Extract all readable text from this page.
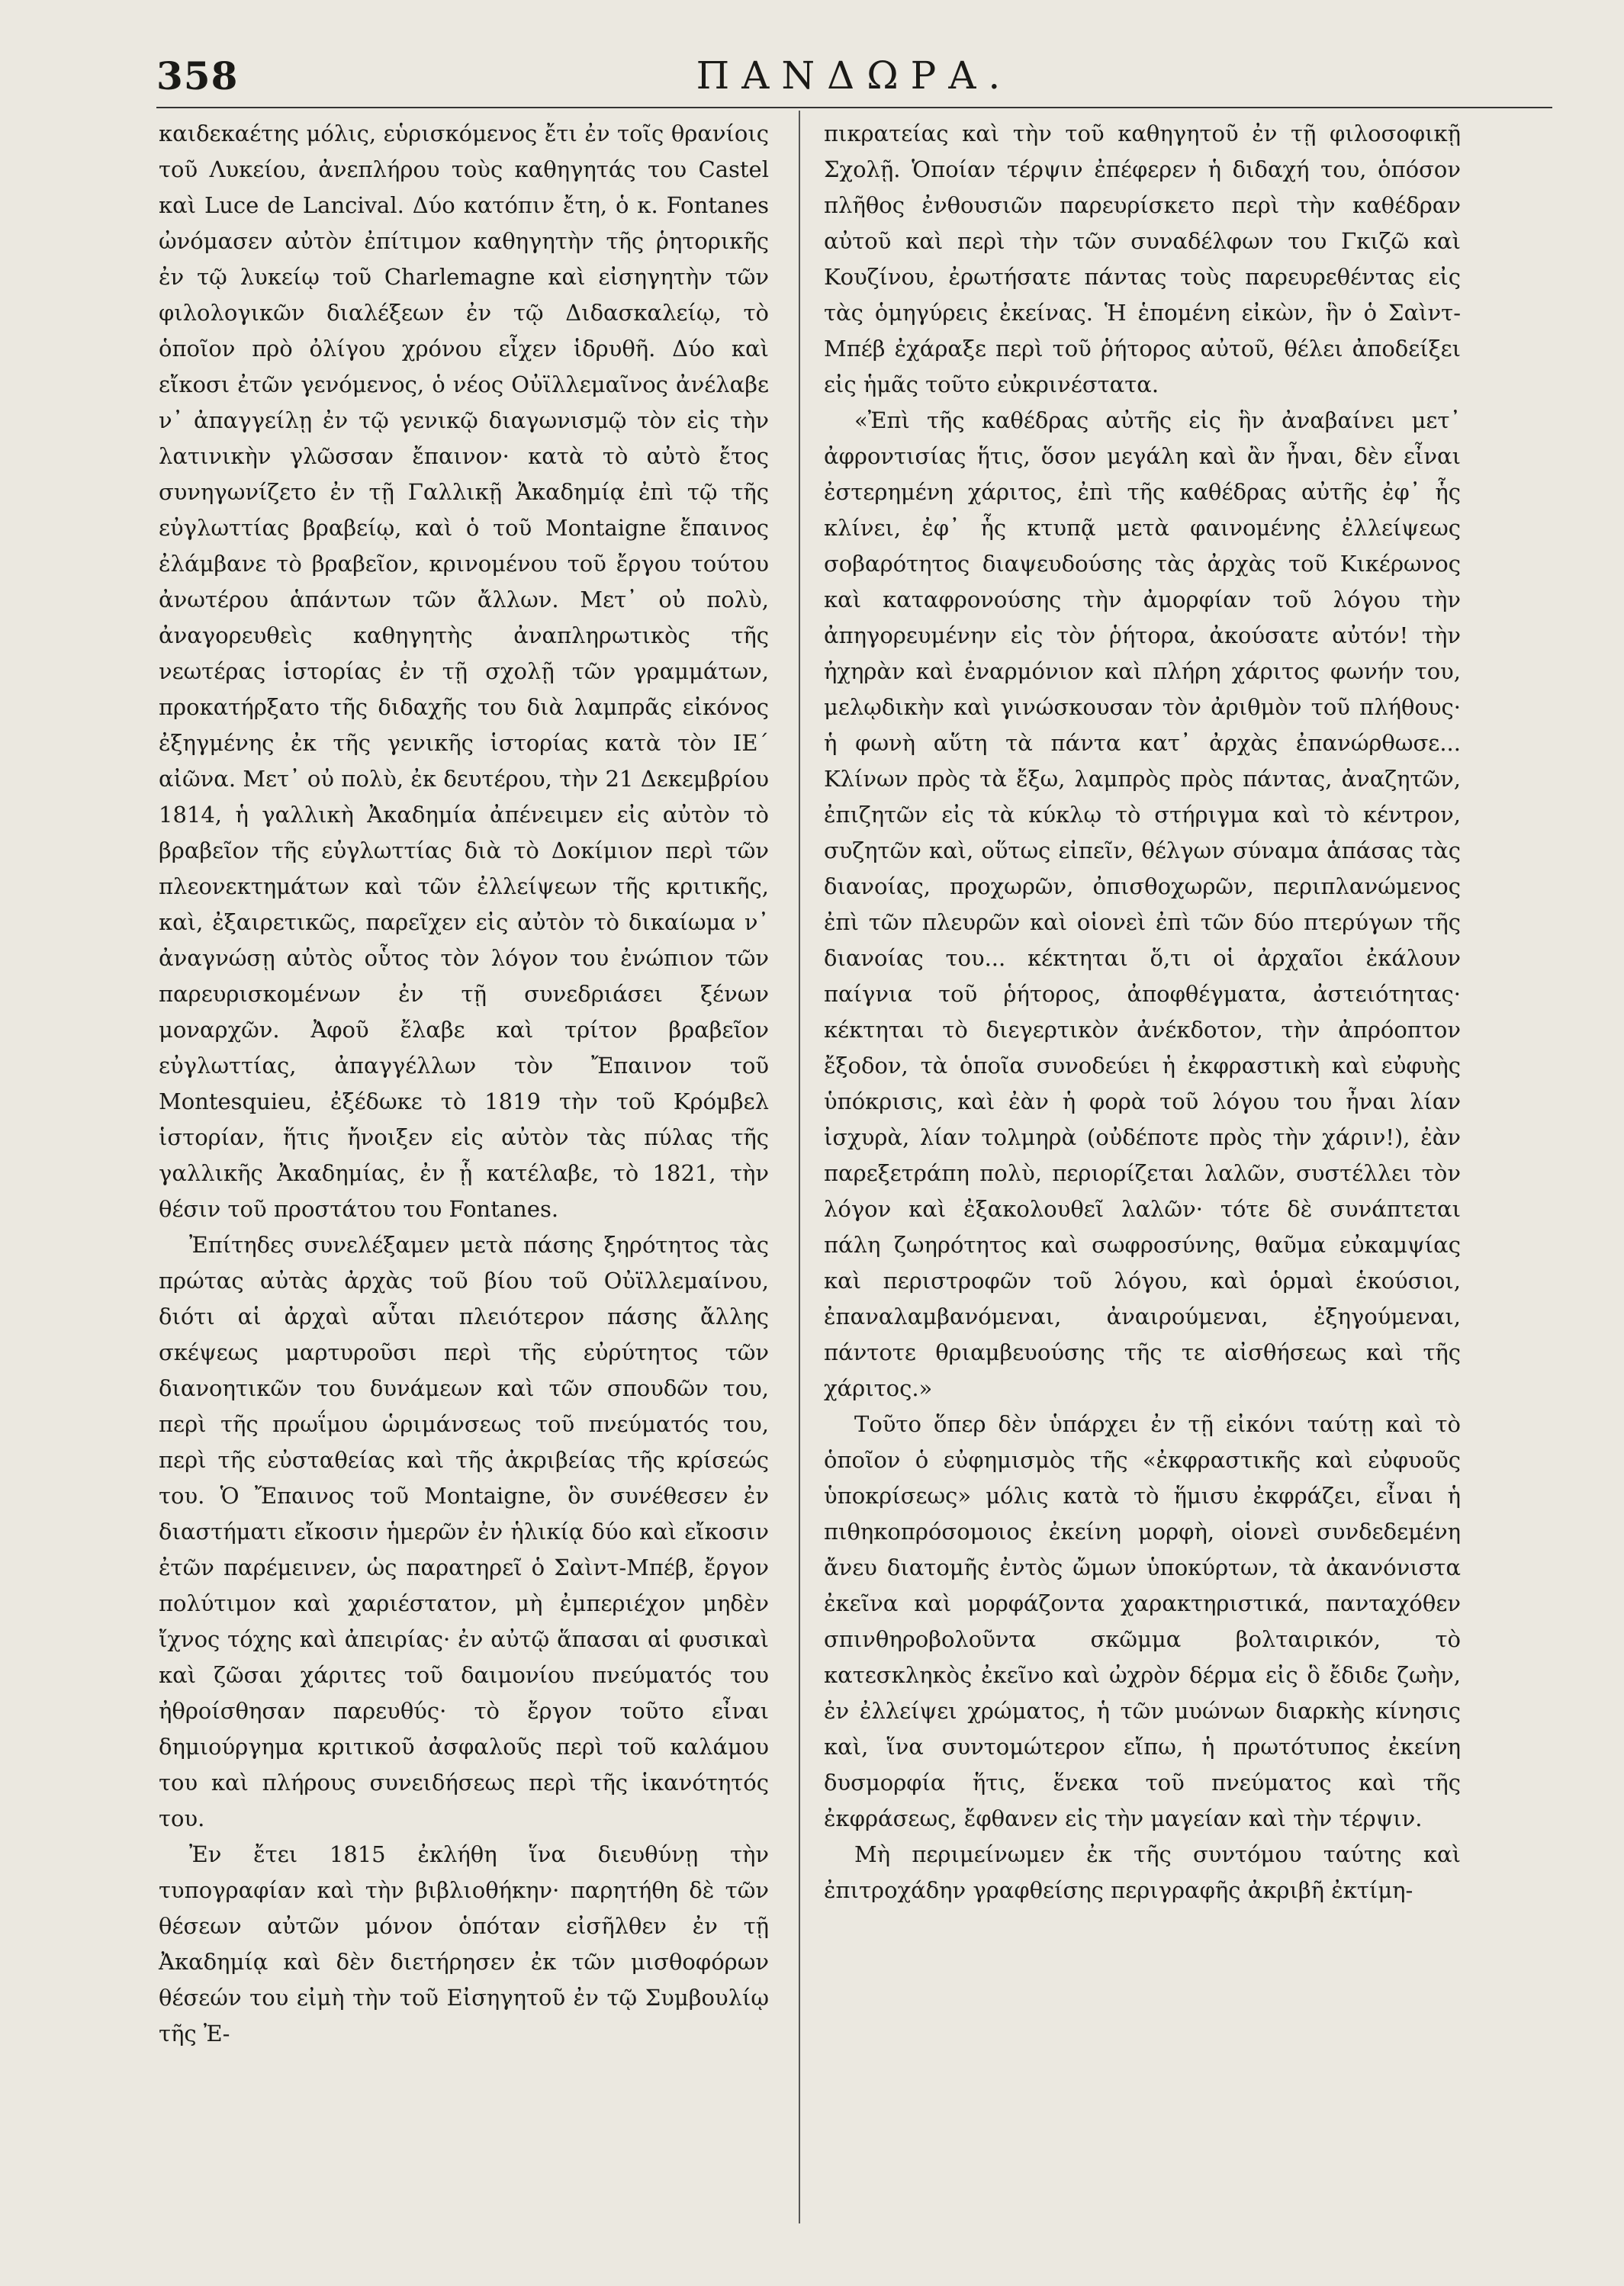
358	ΠΑΝΔΩΡΑ.

καιδεκαέτης μόλις, εὑρισκόμενος ἔτι ἐν τοῖς θρανίοις τοῦ Λυκείου, ἀνεπλήρου τοὺς καθηγητάς του Castel καὶ Luce de Lancival. Δύο κατόπιν ἔτη, ὁ κ. Fontanes ὠνόμασεν αὐτὸν ἐπίτιμον καθηγητὴν τῆς ῥητορικῆς ἐν τῷ λυκείῳ τοῦ Charlemagne καὶ εἰσηγητὴν τῶν φιλολογικῶν διαλέξεων ἐν τῷ Διδασκαλείῳ, τὸ ὁποῖον πρὸ ὀλίγου χρόνου εἶχεν ἱδρυθῆ. Δύο καὶ εἴκοσι ἐτῶν γενόμενος, ὁ νέος Οὐϊλλεμαῖνος ἀνέλαβε ν᾽ ἀπαγγείλῃ ἐν τῷ γενικῷ διαγωνισμῷ τὸν εἰς τὴν λατινικὴν γλῶσσαν ἔπαινον· κατὰ τὸ αὐτὸ ἔτος συνηγωνίζετο ἐν τῇ Γαλλικῇ Ἀκαδημίᾳ ἐπὶ τῷ τῆς εὐγλωττίας βραβείῳ, καὶ ὁ τοῦ Montaigne ἔπαινος ἐλάμβανε τὸ βραβεῖον, κρινομένου τοῦ ἔργου τούτου ἀνωτέρου ἁπάντων τῶν ἄλλων. Μετ᾽ οὐ πολὺ, ἀναγορευθεὶς καθηγητὴς ἀναπληρωτικὸς τῆς νεωτέρας ἱστορίας ἐν τῇ σχολῇ τῶν γραμμάτων, προκατήρξατο τῆς διδαχῆς του διὰ λαμπρᾶς εἰκόνος ἐξηγμένης ἐκ τῆς γενικῆς ἱστορίας κατὰ τὸν ΙΕ΄ αἰῶνα. Μετ᾽ οὐ πολὺ, ἐκ δευτέρου, τὴν 21 Δεκεμβρίου 1814, ἡ γαλλικὴ Ἀκαδημία ἀπένειμεν εἰς αὐτὸν τὸ βραβεῖον τῆς εὐγλωττίας διὰ τὸ Δοκίμιον περὶ τῶν πλεονεκτημάτων καὶ τῶν ἐλλείψεων τῆς κριτικῆς, καὶ, ἐξαιρετικῶς, παρεῖχεν εἰς αὐτὸν τὸ δικαίωμα ν᾽ ἀναγνώσῃ αὐτὸς οὗτος τὸν λόγον του ἐνώπιον τῶν παρευρισκομένων ἐν τῇ συνεδριάσει ξένων μοναρχῶν. Ἀφοῦ ἔλαβε καὶ τρίτον βραβεῖον εὐγλωττίας, ἀπαγγέλλων τὸν Ἔπαινον τοῦ Montesquieu, ἐξέδωκε τὸ 1819 τὴν τοῦ Κρόμβελ ἱστορίαν, ἥτις ἤνοιξεν εἰς αὐτὸν τὰς πύλας τῆς γαλλικῆς Ἀκαδημίας, ἐν ᾗ κατέλαβε, τὸ 1821, τὴν θέσιν τοῦ προστάτου του Fontanes.

Ἐπίτηδες συνελέξαμεν μετὰ πάσης ξηρότητος τὰς πρώτας αὐτὰς ἀρχὰς τοῦ βίου τοῦ Οὐϊλλεμαίνου, διότι αἱ ἀρχαὶ αὗται πλειότερον πάσης ἄλλης σκέψεως μαρτυροῦσι περὶ τῆς εὐρύτητος τῶν διανοητικῶν του δυνάμεων καὶ τῶν σπουδῶν του, περὶ τῆς πρωΐμου ὡριμάνσεως τοῦ πνεύματός του, περὶ τῆς εὐσταθείας καὶ τῆς ἀκριβείας τῆς κρίσεώς του. Ὁ Ἔπαινος τοῦ Montaigne, ὃν συνέθεσεν ἐν διαστήματι εἴκοσιν ἡμερῶν ἐν ἡλικίᾳ δύο καὶ εἴκοσιν ἐτῶν παρέμεινεν, ὡς παρατηρεῖ ὁ Σαὶντ-Μπέβ, ἔργον πολύτιμον καὶ χαριέστατον, μὴ ἐμπεριέχον μηδὲν ἴχνος τόχης καὶ ἀπειρίας· ἐν αὐτῷ ἅπασαι αἱ φυσικαὶ καὶ ζῶσαι χάριτες τοῦ δαιμονίου πνεύματός του ἠθροίσθησαν παρευθύς· τὸ ἔργον τοῦτο εἶναι δημιούργημα κριτικοῦ ἀσφαλοῦς περὶ τοῦ καλάμου του καὶ πλήρους συνειδήσεως περὶ τῆς ἱκανότητός του.

Ἐν ἔτει 1815 ἐκλήθη ἵνα διευθύνῃ τὴν τυπογραφίαν καὶ τὴν βιβλιοθήκην· παρητήθη δὲ τῶν θέσεων αὐτῶν μόνον ὁπόταν εἰσῆλθεν ἐν τῇ Ἀκαδημίᾳ καὶ δὲν διετήρησεν ἐκ τῶν μισθοφόρων θέσεών του εἰμὴ τὴν τοῦ Εἰσηγητοῦ ἐν τῷ Συμβουλίῳ τῆς Ἐ-

πικρατείας καὶ τὴν τοῦ καθηγητοῦ ἐν τῇ φιλοσοφικῇ Σχολῇ. Ὁποίαν τέρψιν ἐπέφερεν ἡ διδαχή του, ὁπόσον πλῆθος ἐνθουσιῶν παρευρίσκετο περὶ τὴν καθέδραν αὐτοῦ καὶ περὶ τὴν τῶν συναδέλφων του Γκιζῶ καὶ Κουζίνου, ἐρωτήσατε πάντας τοὺς παρευρεθέντας εἰς τὰς ὁμηγύρεις ἐκείνας. Ἡ ἑπομένη εἰκὼν, ἣν ὁ Σαὶντ-Μπέβ ἐχάραξε περὶ τοῦ ῥήτορος αὐτοῦ, θέλει ἀποδείξει εἰς ἡμᾶς τοῦτο εὐκρινέστατα.

«Ἐπὶ τῆς καθέδρας αὐτῆς εἰς ἣν ἀναβαίνει μετ᾽ ἀφροντισίας ἥτις, ὅσον μεγάλη καὶ ἂν ἦναι, δὲν εἶναι ἐστερημένη χάριτος, ἐπὶ τῆς καθέδρας αὐτῆς ἐφ᾽ ἧς κλίνει, ἐφ᾽ ἧς κτυπᾷ μετὰ φαινομένης ἐλλείψεως σοβαρότητος διαψευδούσης τὰς ἀρχὰς τοῦ Κικέρωνος καὶ καταφρονούσης τὴν ἀμορφίαν τοῦ λόγου τὴν ἀπηγορευμένην εἰς τὸν ῥήτορα, ἀκούσατε αὐτόν! τὴν ἠχηρὰν καὶ ἐναρμόνιον καὶ πλήρη χάριτος φωνήν του, μελῳδικὴν καὶ γινώσκουσαν τὸν ἀριθμὸν τοῦ πλήθους· ἡ φωνὴ αὕτη τὰ πάντα κατ᾽ ἀρχὰς ἐπανώρθωσε... Κλίνων πρὸς τὰ ἔξω, λαμπρὸς πρὸς πάντας, ἀναζητῶν, ἐπιζητῶν εἰς τὰ κύκλῳ τὸ στήριγμα καὶ τὸ κέντρον, συζητῶν καὶ, οὕτως εἰπεῖν, θέλγων σύναμα ἁπάσας τὰς διανοίας, προχωρῶν, ὀπισθοχωρῶν, περιπλανώμενος ἐπὶ τῶν πλευρῶν καὶ οἱονεὶ ἐπὶ τῶν δύο πτερύγων τῆς διανοίας του... κέκτηται ὅ,τι οἱ ἀρχαῖοι ἐκάλουν παίγνια τοῦ ῥήτορος, ἀποφθέγματα, ἀστειότητας· κέκτηται τὸ διεγερτικὸν ἀνέκδοτον, τὴν ἀπρόοπτον ἔξοδον, τὰ ὁποῖα συνοδεύει ἡ ἐκφραστικὴ καὶ εὐφυὴς ὑπόκρισις, καὶ ἐὰν ἡ φορὰ τοῦ λόγου του ἦναι λίαν ἰσχυρὰ, λίαν τολμηρὰ (οὐδέποτε πρὸς τὴν χάριν!), ἐὰν παρεξετράπη πολὺ, περιορίζεται λαλῶν, συστέλλει τὸν λόγον καὶ ἐξακολουθεῖ λαλῶν· τότε δὲ συνάπτεται πάλη ζωηρότητος καὶ σωφροσύνης, θαῦμα εὐκαμψίας καὶ περιστροφῶν τοῦ λόγου, καὶ ὁρμαὶ ἑκούσιοι, ἐπαναλαμβανόμεναι, ἀναιρούμεναι, ἐξηγούμεναι, πάντοτε θριαμβευούσης τῆς τε αἰσθήσεως καὶ τῆς χάριτος.»

Τοῦτο ὅπερ δὲν ὑπάρχει ἐν τῇ εἰκόνι ταύτῃ καὶ τὸ ὁποῖον ὁ εὐφημισμὸς τῆς «ἐκφραστικῆς καὶ εὐφυοῦς ὑποκρίσεως» μόλις κατὰ τὸ ἥμισυ ἐκφράζει, εἶναι ἡ πιθηκοπρόσομοιος ἐκείνη μορφὴ, οἱονεὶ συνδεδεμένη ἄνευ διατομῆς ἐντὸς ὤμων ὑποκύρτων, τὰ ἀκανόνιστα ἐκεῖνα καὶ μορφάζοντα χαρακτηριστικά, πανταχόθεν σπινθηροβολοῦντα σκῶμμα βολταιρικόν, τὸ κατεσκληκὸς ἐκεῖνο καὶ ὠχρὸν δέρμα εἰς ὃ ἔδιδε ζωὴν, ἐν ἐλλείψει χρώματος, ἡ τῶν μυώνων διαρκὴς κίνησις καὶ, ἵνα συντομώτερον εἴπω, ἡ πρωτότυπος ἐκείνη δυσμορφία ἥτις, ἕνεκα τοῦ πνεύματος καὶ τῆς ἐκφράσεως, ἔφθανεν εἰς τὴν μαγείαν καὶ τὴν τέρψιν.

Μὴ περιμείνωμεν ἐκ τῆς συντόμου ταύτης καὶ ἐπιτροχάδην γραφθείσης περιγραφῆς ἀκριβῆ ἐκτίμη-
